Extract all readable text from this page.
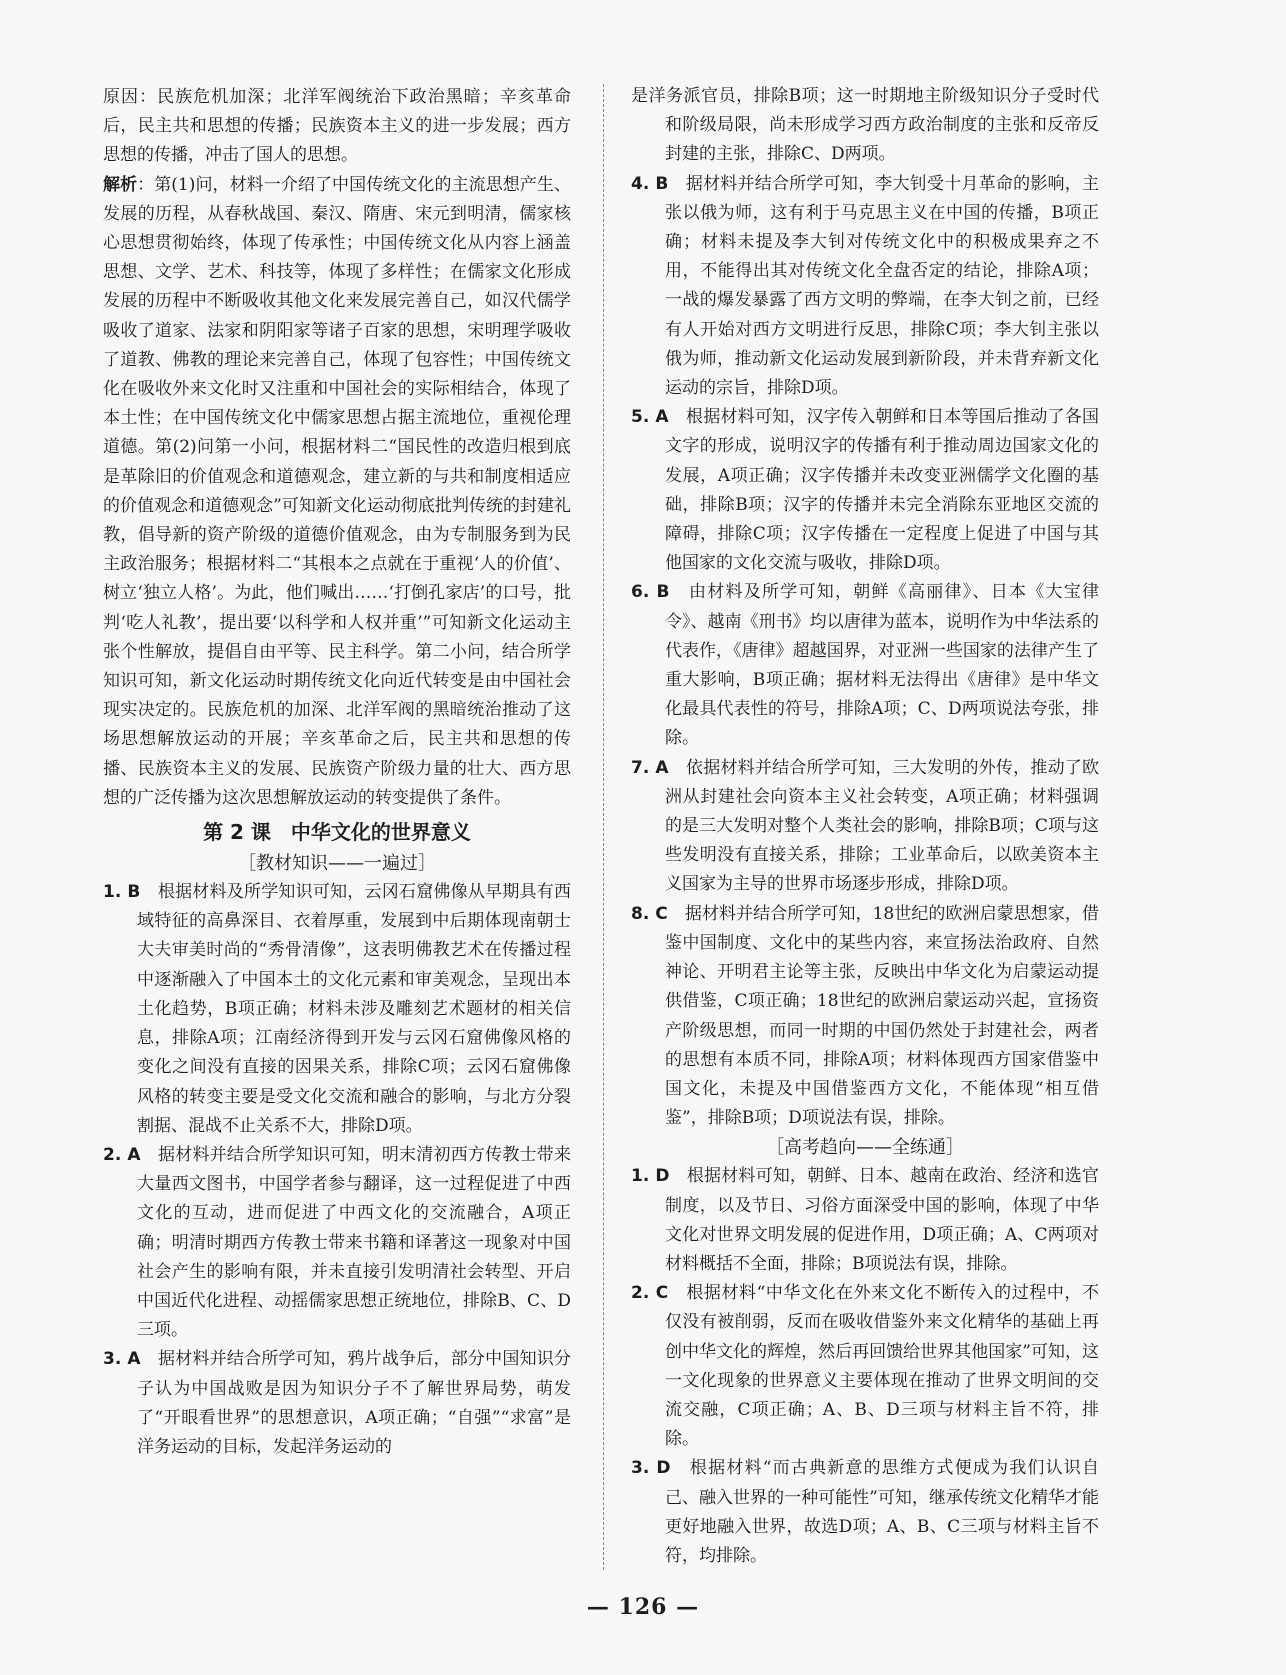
原因：民族危机加深；北洋军阀统治下政治黑暗；辛亥革命后，民主共和思想的传播；民族资本主义的进一步发展；西方思想的传播，冲击了国人的思想。

解析：第(1)问，材料一介绍了中国传统文化的主流思想产生、发展的历程，从春秋战国、秦汉、隋唐、宋元到明清，儒家核心思想贯彻始终，体现了传承性；中国传统文化从内容上涵盖思想、文学、艺术、科技等，体现了多样性；在儒家文化形成发展的历程中不断吸收其他文化来发展完善自己，如汉代儒学吸收了道家、法家和阴阳家等诸子百家的思想，宋明理学吸收了道教、佛教的理论来完善自己，体现了包容性；中国传统文化在吸收外来文化时又注重和中国社会的实际相结合，体现了本土性；在中国传统文化中儒家思想占据主流地位，重视伦理道德。第(2)问第一小问，根据材料二“国民性的改造归根到底是革除旧的价值观念和道德观念，建立新的与共和制度相适应的价值观念和道德观念”可知新文化运动彻底批判传统的封建礼教，倡导新的资产阶级的道德价值观念，由为专制服务到为民主政治服务；根据材料二“其根本之点就在于重视‘人的价值’、树立‘独立人格’。为此，他们喊出……‘打倒孔家店’的口号，批判‘吃人礼教’，提出要‘以科学和人权并重’”可知新文化运动主张个性解放，提倡自由平等、民主科学。第二小问，结合所学知识可知，新文化运动时期传统文化向近代转变是由中国社会现实决定的。民族危机的加深、北洋军阀的黑暗统治推动了这场思想解放运动的开展；辛亥革命之后，民主共和思想的传播、民族资本主义的发展、民族资产阶级力量的壮大、西方思想的广泛传播为这次思想解放运动的转变提供了条件。

第 2 课　中华文化的世界意义
［教材知识——一遍过］

1. B　 根据材料及所学知识可知，云冈石窟佛像从早期具有西域特征的高鼻深目、衣着厚重，发展到中后期体现南朝士大夫审美时尚的“秀骨清像”，这表明佛教艺术在传播过程中逐渐融入了中国本土的文化元素和审美观念，呈现出本土化趋势，B项正确；材料未涉及雕刻艺术题材的相关信息，排除A项；江南经济得到开发与云冈石窟佛像风格的变化之间没有直接的因果关系，排除C项；云冈石窟佛像风格的转变主要是受文化交流和融合的影响，与北方分裂割据、混战不止关系不大，排除D项。

2. A　 据材料并结合所学知识可知，明末清初西方传教士带来大量西文图书，中国学者参与翻译，这一过程促进了中西文化的互动，进而促进了中西文化的交流融合，A项正确；明清时期西方传教士带来书籍和译著这一现象对中国社会产生的影响有限，并未直接引发明清社会转型、开启中国近代化进程、动摇儒家思想正统地位，排除B、C、D三项。

3. A　 据材料并结合所学可知，鸦片战争后，部分中国知识分子认为中国战败是因为知识分子不了解世界局势，萌发了“开眼看世界”的思想意识，A项正确；“自强”“求富”是洋务运动的目标，发起洋务运动的

是洋务派官员，排除B项；这一时期地主阶级知识分子受时代和阶级局限，尚未形成学习西方政治制度的主张和反帝反封建的主张，排除C、D两项。

4. B　 据材料并结合所学可知，李大钊受十月革命的影响，主张以俄为师，这有利于马克思主义在中国的传播，B项正确；材料未提及李大钊对传统文化中的积极成果弃之不用，不能得出其对传统文化全盘否定的结论，排除A项；一战的爆发暴露了西方文明的弊端，在李大钊之前，已经有人开始对西方文明进行反思，排除C项；李大钊主张以俄为师，推动新文化运动发展到新阶段，并未背弃新文化运动的宗旨，排除D项。

5. A　 根据材料可知，汉字传入朝鲜和日本等国后推动了各国文字的形成，说明汉字的传播有利于推动周边国家文化的发展，A项正确；汉字传播并未改变亚洲儒学文化圈的基础，排除B项；汉字的传播并未完全消除东亚地区交流的障碍，排除C项；汉字传播在一定程度上促进了中国与其他国家的文化交流与吸收，排除D项。

6. B　 由材料及所学可知，朝鲜《高丽律》、日本《大宝律令》、越南《刑书》均以唐律为蓝本，说明作为中华法系的代表作，《唐律》超越国界，对亚洲一些国家的法律产生了重大影响，B项正确；据材料无法得出《唐律》是中华文化最具代表性的符号，排除A项；C、D两项说法夸张，排除。

7. A　 依据材料并结合所学可知，三大发明的外传，推动了欧洲从封建社会向资本主义社会转变，A项正确；材料强调的是三大发明对整个人类社会的影响，排除B项；C项与这些发明没有直接关系，排除；工业革命后，以欧美资本主义国家为主导的世界市场逐步形成，排除D项。

8. C　 据材料并结合所学可知，18世纪的欧洲启蒙思想家，借鉴中国制度、文化中的某些内容，来宣扬法治政府、自然神论、开明君主论等主张，反映出中华文化为启蒙运动提供借鉴，C项正确；18世纪的欧洲启蒙运动兴起，宣扬资产阶级思想，而同一时期的中国仍然处于封建社会，两者的思想有本质不同，排除A项；材料体现西方国家借鉴中国文化，未提及中国借鉴西方文化，不能体现“相互借鉴”，排除B项；D项说法有误，排除。

［高考趋向——全练通］

1. D　 根据材料可知，朝鲜、日本、越南在政治、经济和选官制度，以及节日、习俗方面深受中国的影响，体现了中华文化对世界文明发展的促进作用，D项正确；A、C两项对材料概括不全面，排除；B项说法有误，排除。

2. C　 根据材料“中华文化在外来文化不断传入的过程中，不仅没有被削弱，反而在吸收借鉴外来文化精华的基础上再创中华文化的辉煌，然后再回馈给世界其他国家”可知，这一文化现象的世界意义主要体现在推动了世界文明间的交流交融，C项正确；A、B、D三项与材料主旨不符，排除。

3. D　 根据材料“而古典新意的思维方式便成为我们认识自己、融入世界的一种可能性”可知，继承传统文化精华才能更好地融入世界，故选D项；A、B、C三项与材料主旨不符，均排除。

— 126 —
